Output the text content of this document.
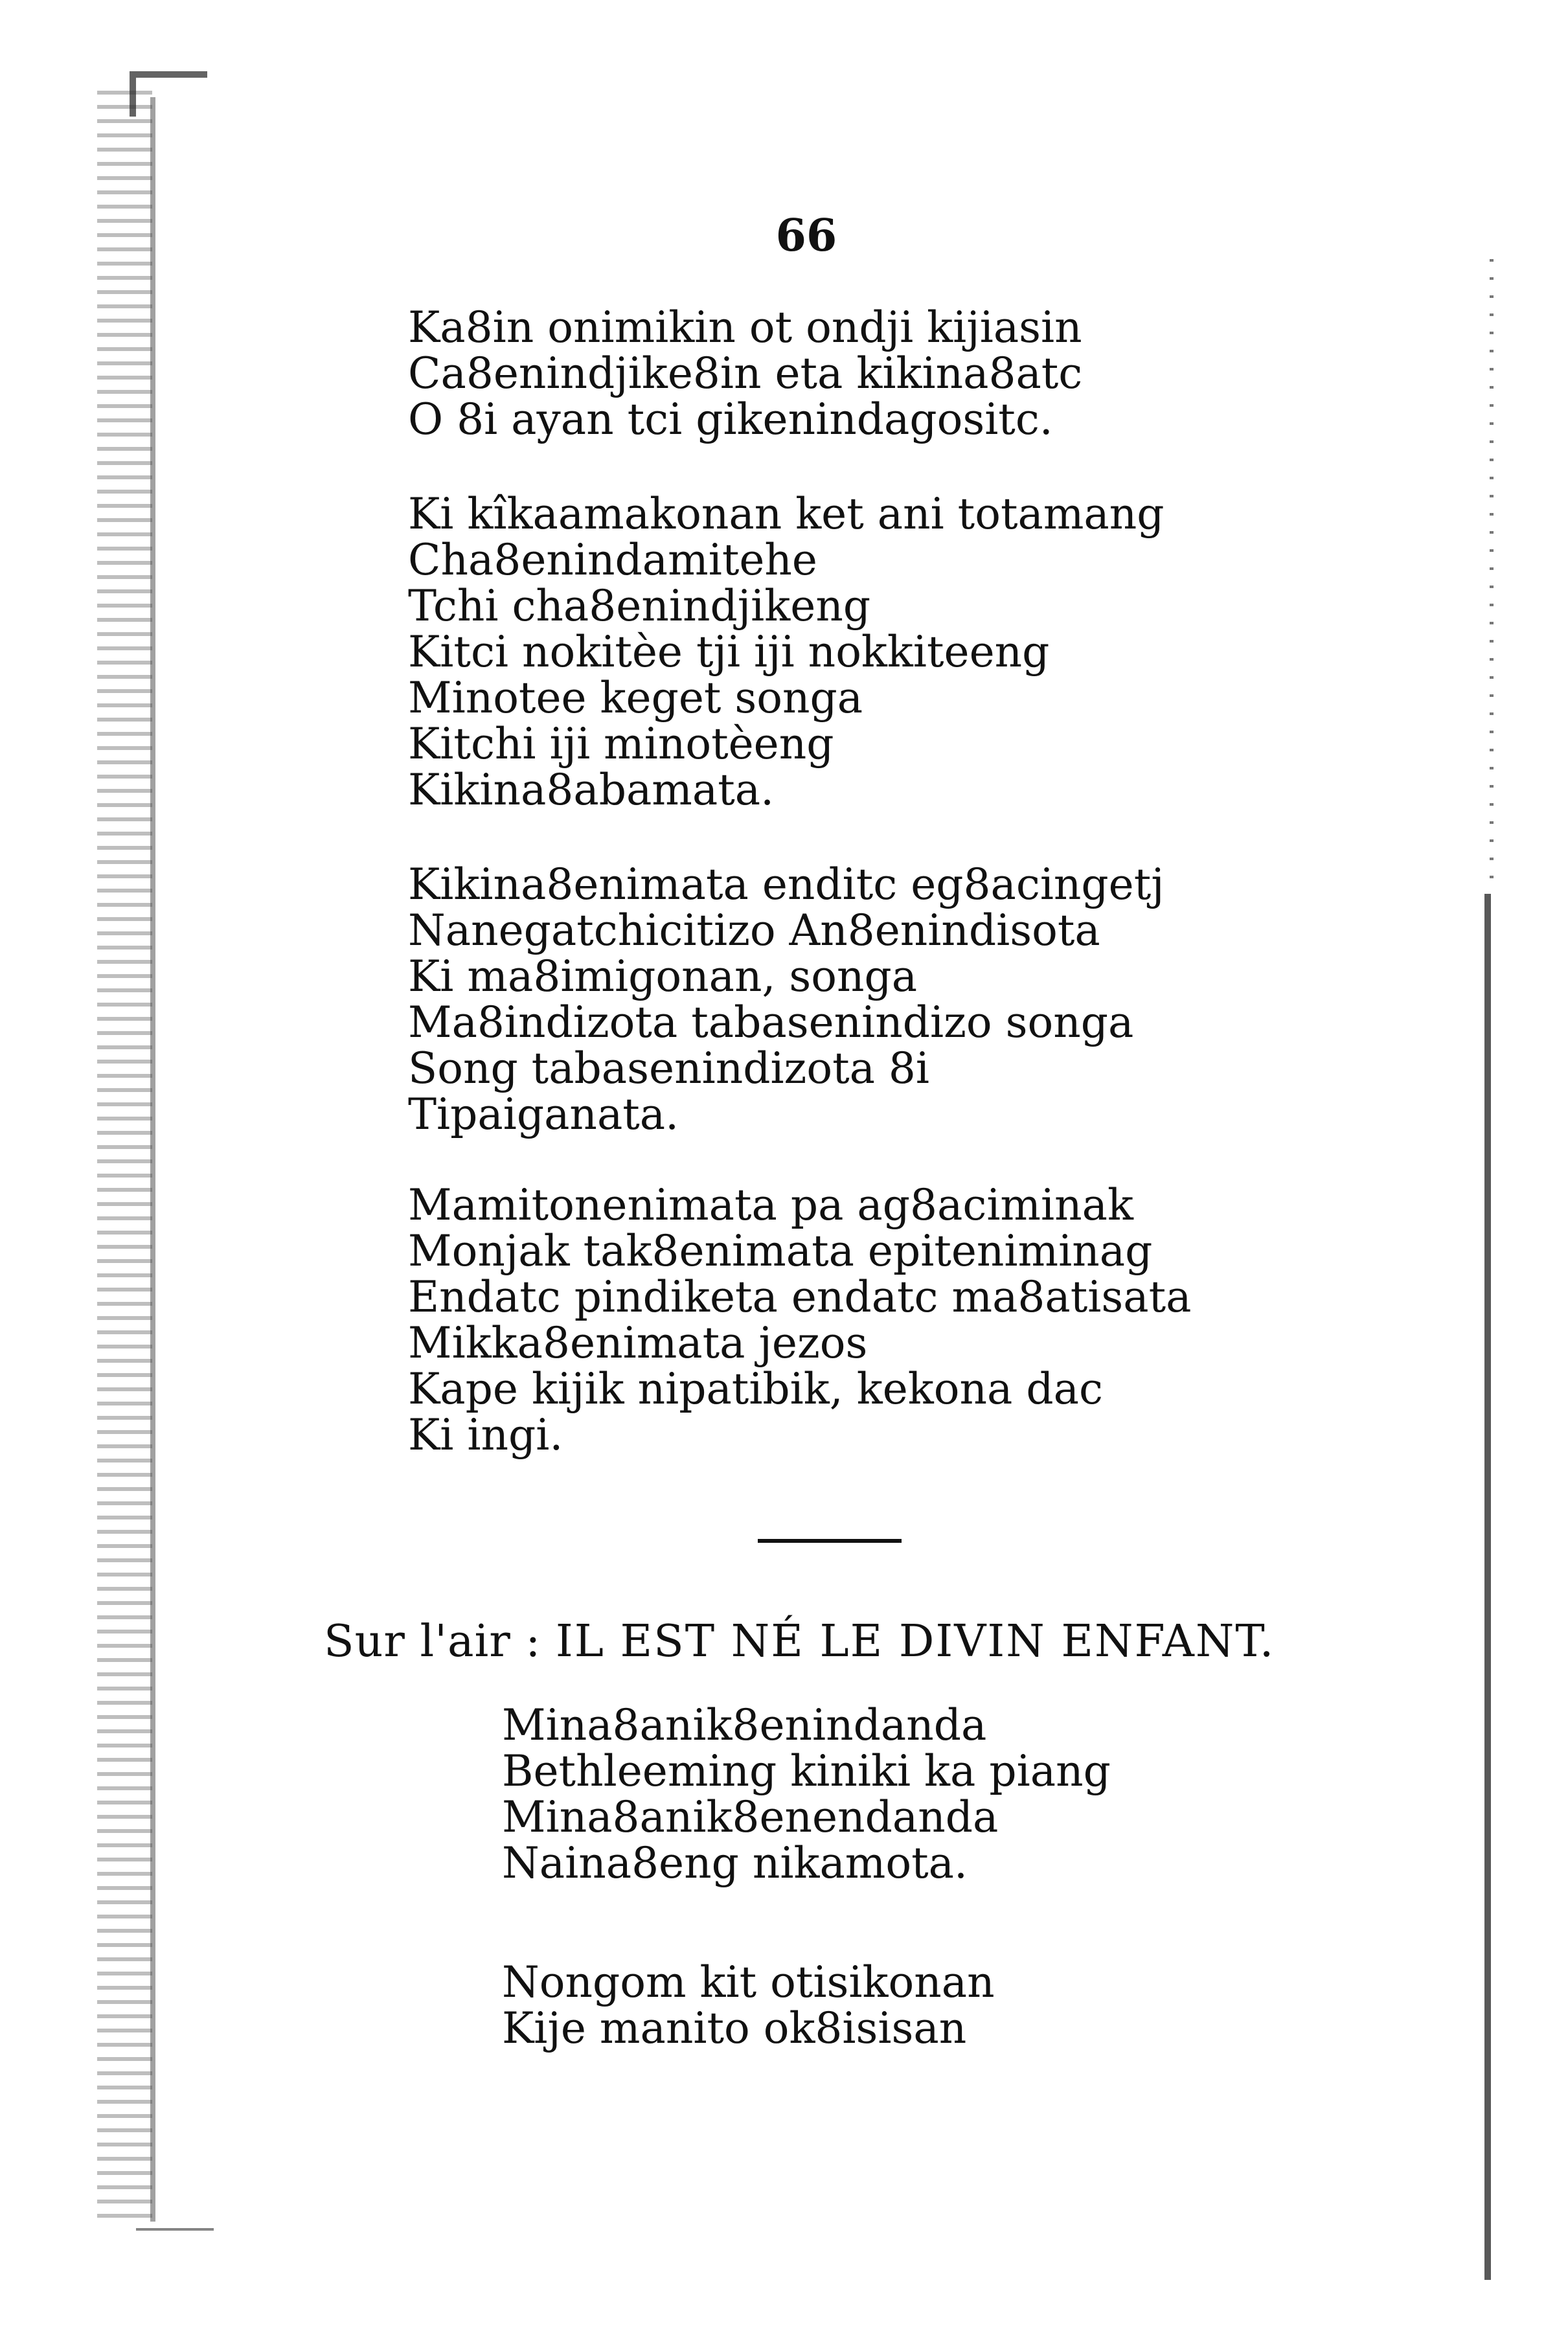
66
Ka8in onimikin ot ondji kijiasin
Ca8enindjike8in eta kikina8atc
O 8i ayan tci gikenindagositc.
Ki kîkaamakonan ket ani totamang
Cha8enindamitehe
Tchi cha8enindjikeng
Kitci nokitèe tji iji nokkiteeng
Minotee keget songa
Kitchi iji minotèeng
Kikina8abamata.
Kikina8enimata enditc eg8acingetj
Nanegatchicitizo An8enindisota
Ki ma8imigonan, songa
Ma8indizota tabasenindizo songa
Song tabasenindizota 8i
Tipaiganata.
Mamitonenimata pa ag8aciminak
Monjak tak8enimata epiteniminag
Endatc pindiketa endatc ma8atisata
Mikka8enimata jezos
Kape kijik nipatibik, kekona dac
Ki ingi.
Sur l'air : IL EST NÉ LE DIVIN ENFANT.
Mina8anik8enindanda
Bethleeming kiniki ka piang
Mina8anik8enendanda
Naina8eng nikamota.
Nongom kit otisikonan
Kije manito ok8isisan
